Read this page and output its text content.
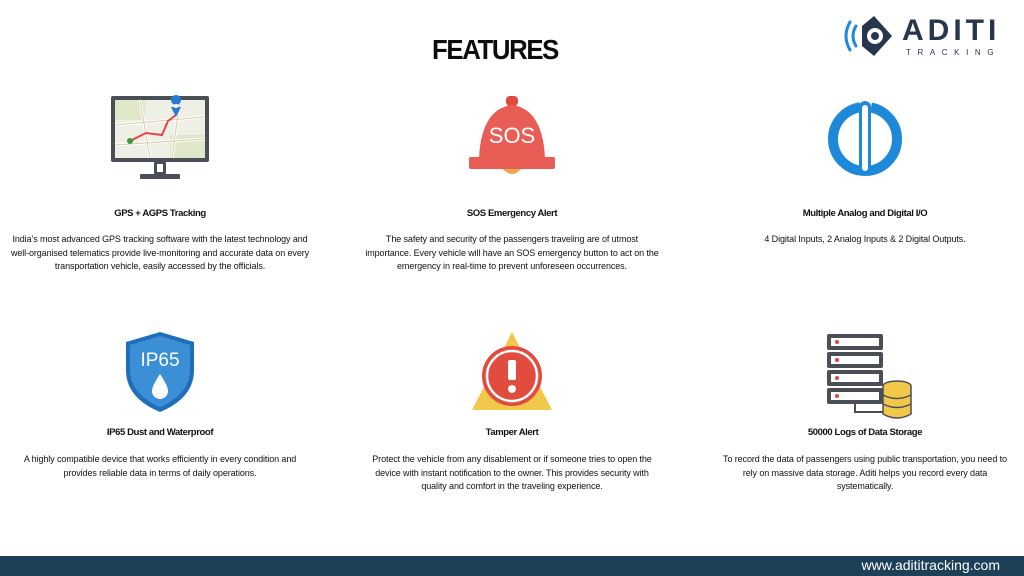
FEATURES
ADITI
TRACKING
GPS + AGPS Tracking
India’s most advanced GPS tracking software with the latest technology and well-organised telematics provide live-monitoring and accurate data on every transportation vehicle, easily accessed by the officials.
SOS
SOS Emergency Alert
The safety and security of the passengers traveling are of utmost importance. Every vehicle will have an SOS emergency button to act on the emergency in real-time to prevent unforeseen occurrences.
Multiple Analog and Digital I/O
4 Digital Inputs, 2 Analog Inputs & 2 Digital Outputs.
IP65
IP65 Dust and Waterproof
A highly compatible device that works efficiently in every condition and provides reliable data in terms of daily operations.
Tamper Alert
Protect the vehicle from any disablement or if someone tries to open the device with instant notification to the owner. This provides security with quality and comfort in the traveling experience.
50000 Logs of Data Storage
To record the data of passengers using public transportation, you need to rely on massive data storage. Aditi helps you record every data systematically.
www.adititracking.com
